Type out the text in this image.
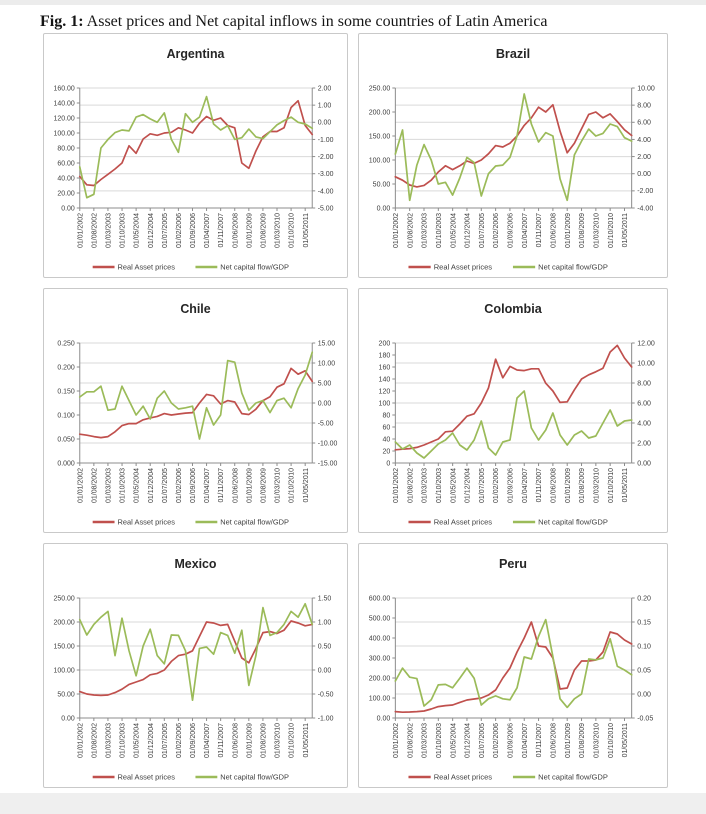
Fig. 1: Asset prices and Net capital inflows in some countries of Latin America
Argentina
160.00
140.00
120.00
100.00
80.00
60.00
40.00
20.00
0.00
2.00
1.00
0.00
-1.00
-2.00
-3.00
-4.00
-5.00
01/01/2002 01/08/2002 01/03/2003 01/10/2003 01/05/2004 01/12/2004 01/07/2005 01/02/2006 01/09/2006 01/04/2007 01/11/2007 01/06/2008 01/01/2009 01/08/2009 01/03/2010 01/10/2010 01/05/2011
Real Asset prices	Net capital flow/GDP
Brazil
250.00
200.00
150.00
100.00
50.00
0.00
10.00
8.00
6.00
4.00
2.00
0.00
-2.00
-4.00
01/01/2002 01/08/2002 01/03/2003 01/10/2003 01/05/2004 01/12/2004 01/07/2005 01/02/2006 01/09/2006 01/04/2007 01/11/2007 01/06/2008 01/01/2009 01/08/2009 01/03/2010 01/10/2010 01/05/2011
Real Asset prices	Net capital flow/GDP
Chile
0.250
0.200
0.150
0.100
0.050
0.000
15.00
10.00
5.00
0.00
-5.00
-10.00
-15.00
01/01/2002 01/08/2002 01/03/2003 01/10/2003 01/05/2004 01/12/2004 01/07/2005 01/02/2006 01/09/2006 01/04/2007 01/11/2007 01/06/2008 01/01/2009 01/08/2009 01/03/2010 01/10/2010 01/05/2011
Real Asset prices	Net capital flow/GDP
Colombia
200
180
160
140
120
100
80
60
40
20
0
12.00
10.00
8.00
6.00
4.00
2.00
0.00
01/01/2002 01/08/2002 01/03/2003 01/10/2003 01/05/2004 01/12/2004 01/07/2005 01/02/2006 01/09/2006 01/04/2007 01/11/2007 01/06/2008 01/01/2009 01/08/2009 01/03/2010 01/10/2010 01/05/2011
Real Asset prices	Net capital flow/GDP
Mexico
250.00
200.00
150.00
100.00
50.00
0.00
1.50
1.00
0.50
0.00
-0.50
-1.00
01/01/2002 01/08/2002 01/03/2003 01/10/2003 01/05/2004 01/12/2004 01/07/2005 01/02/2006 01/09/2006 01/04/2007 01/11/2007 01/06/2008 01/01/2009 01/08/2009 01/03/2010 01/10/2010 01/05/2011
Real Asset prices	Net capital flow/GDP
Peru
600.00
500.00
400.00
300.00
200.00
100.00
0.00
0.20
0.15
0.10
0.05
0.00
-0.05
01/01/2002 01/08/2002 01/03/2003 01/10/2003 01/05/2004 01/12/2004 01/07/2005 01/02/2006 01/09/2006 01/04/2007 01/11/2007 01/06/2008 01/01/2009 01/08/2009 01/03/2010 01/10/2010 01/05/2011
Real Asset prices	Net capital flow/GDP
